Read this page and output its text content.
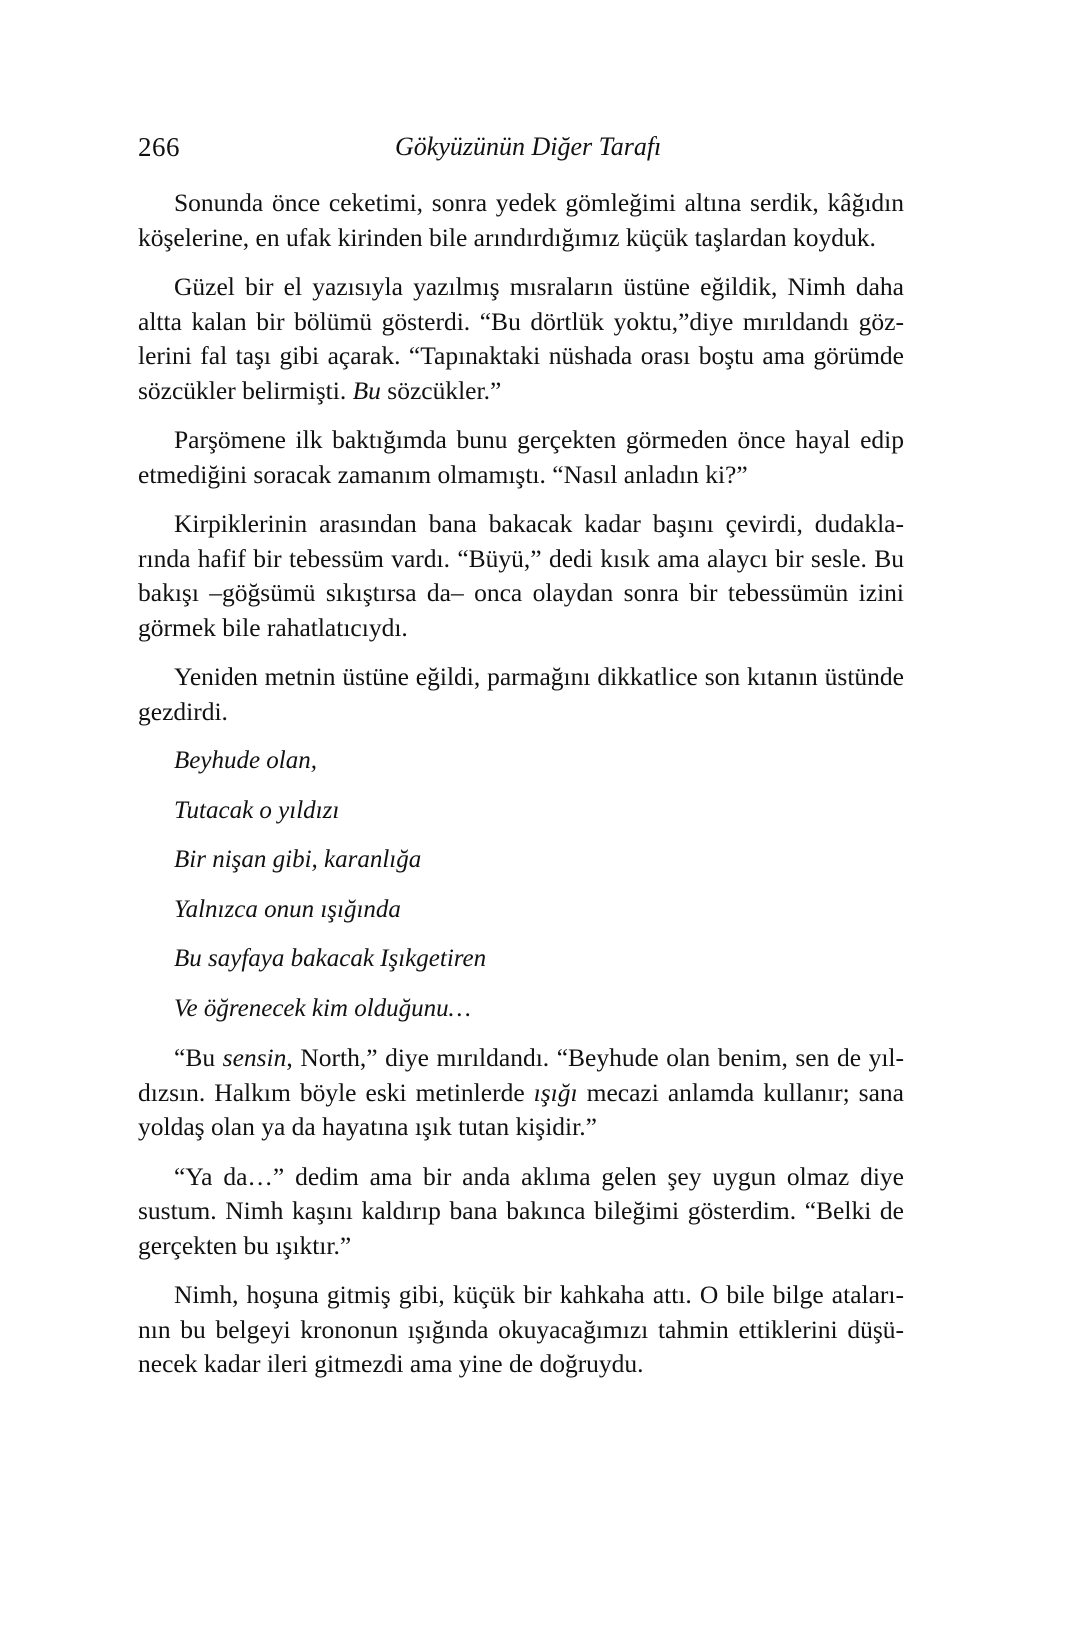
266	Gökyüzünün Diğer Tarafı

Sonunda önce ceketimi, sonra yedek gömleğimi altına serdik, kâğıdın
köşelerine, en ufak kirinden bile arındırdığımız küçük taşlardan koyduk.

Güzel bir el yazısıyla yazılmış mısraların üstüne eğildik, Nimh daha
altta kalan bir bölümü gösterdi. “Bu dörtlük yoktu,”diye mırıldandı göz-
lerini fal taşı gibi açarak. “Tapınaktaki nüshada orası boştu ama görümde
sözcükler belirmişti. Bu sözcükler.”

Parşömene ilk baktığımda bunu gerçekten görmeden önce hayal edip
etmediğini soracak zamanım olmamıştı. “Nasıl anladın ki?”

Kirpiklerinin arasından bana bakacak kadar başını çevirdi, dudakla-
rında hafif bir tebessüm vardı. “Büyü,” dedi kısık ama alaycı bir sesle. Bu
bakışı –göğsümü sıkıştırsa da– onca olaydan sonra bir tebessümün izini
görmek bile rahatlatıcıydı.

Yeniden metnin üstüne eğildi, parmağını dikkatlice son kıtanın üstünde
gezdirdi.

Beyhude olan,
Tutacak o yıldızı
Bir nişan gibi, karanlığa
Yalnızca onun ışığında
Bu sayfaya bakacak Işıkgetiren
Ve öğrenecek kim olduğunu…

“Bu sensin, North,” diye mırıldandı. “Beyhude olan benim, sen de yıl-
dızsın. Halkım böyle eski metinlerde ışığı mecazi anlamda kullanır; sana
yoldaş olan ya da hayatına ışık tutan kişidir.”

“Ya da…” dedim ama bir anda aklıma gelen şey uygun olmaz diye
sustum. Nimh kaşını kaldırıp bana bakınca bileğimi gösterdim. “Belki de
gerçekten bu ışıktır.”

Nimh, hoşuna gitmiş gibi, küçük bir kahkaha attı. O bile bilge ataları-
nın bu belgeyi krononun ışığında okuyacağımızı tahmin ettiklerini düşü-
necek kadar ileri gitmezdi ama yine de doğruydu.
